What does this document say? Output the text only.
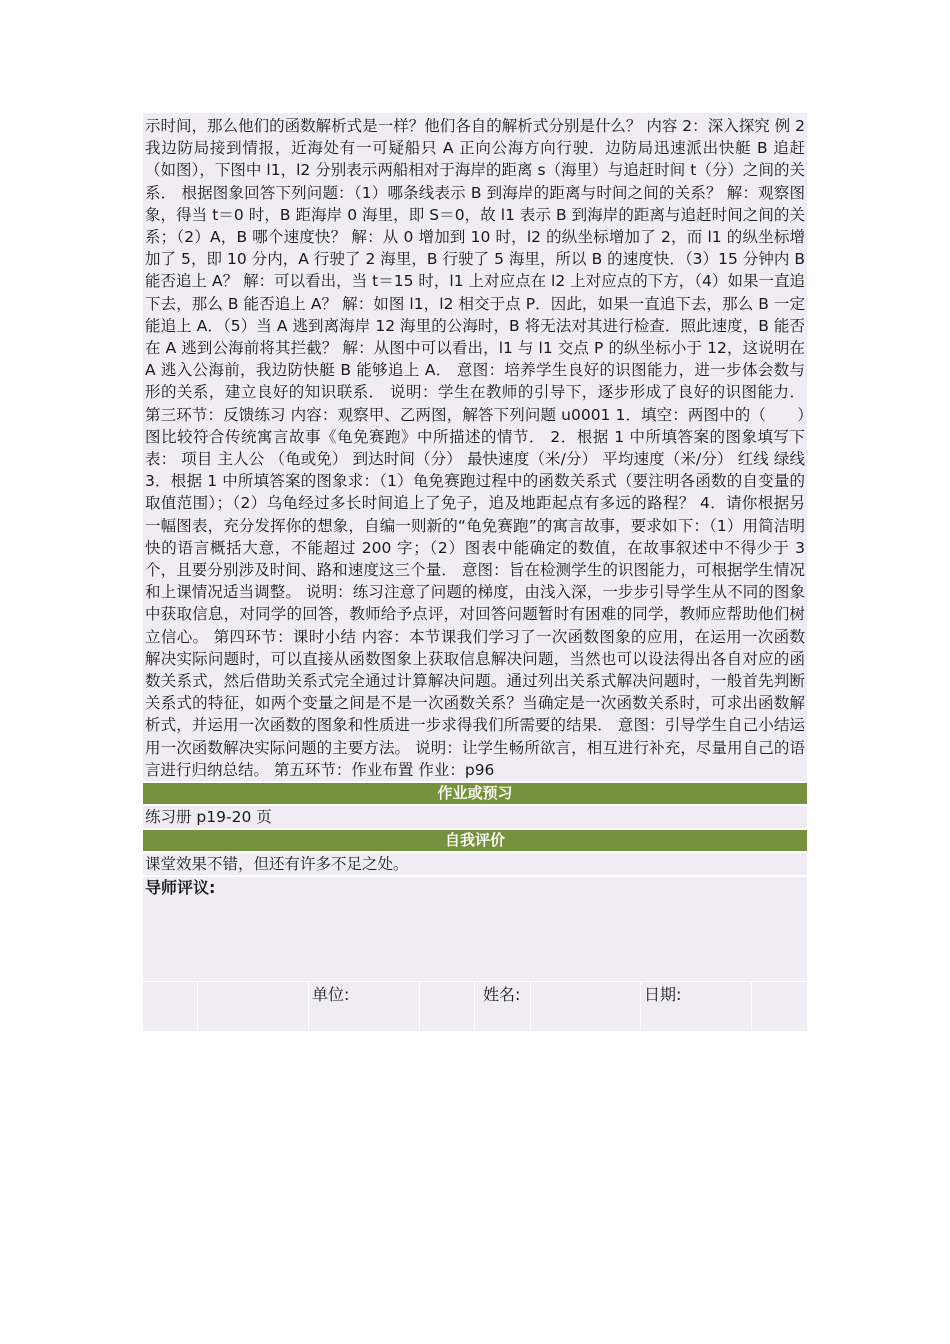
示时间，那么他们的函数解析式是一样？他们各自的解析式分别是什么？ 内容 2：深入探究 例 2 我边防局接到情报，近海处有一可疑船只 A 正向公海方向行驶．边防局迅速派出快艇 B 追赶（如图），下图中 l1，l2 分别表示两船相对于海岸的距离 s（海里）与追赶时间 t（分）之间的关系． 根据图象回答下列问题：（1）哪条线表示 B 到海岸的距离与时间之间的关系？ 解：观察图象，得当 t＝0 时，B 距海岸 0 海里，即 S＝0，故 l1 表示 B 到海岸的距离与追赶时间之间的关系；（2）A，B 哪个速度快？ 解：从 0 增加到 10 时，l2 的纵坐标增加了 2，而 l1 的纵坐标增加了 5，即 10 分内，A 行驶了 2 海里，B 行驶了 5 海里，所以 B 的速度快．（3）15 分钟内 B 能否追上 A？ 解：可以看出，当 t＝15 时，l1 上对应点在 l2 上对应点的下方，（4）如果一直追下去，那么 B 能否追上 A？ 解：如图 l1，l2 相交于点 P．因此，如果一直追下去，那么 B 一定能追上 A．（5）当 A 逃到离海岸 12 海里的公海时，B 将无法对其进行检查．照此速度，B 能否在 A 逃到公海前将其拦截？ 解：从图中可以看出，l1 与 l1 交点 P 的纵坐标小于 12，这说明在 A 逃入公海前，我边防快艇 B 能够追上 A． 意图：培养学生良好的识图能力，进一步体会数与形的关系，建立良好的知识联系． 说明：学生在教师的引导下，逐步形成了良好的识图能力． 第三环节：反馈练习 内容：观察甲、乙两图，解答下列问题 u0001 1．填空：两图中的（　　）图比较符合传统寓言故事《龟免赛跑》中所描述的情节． 2．根据 1 中所填答案的图象填写下表： 项目 主人公 （龟或免） 到达时间（分） 最快速度（米/分） 平均速度（米/分） 红线 绿线 3．根据 1 中所填答案的图象求：（1）龟免赛跑过程中的函数关系式（要注明各函数的自变量的取值范围）；（2）乌龟经过多长时间追上了免子，追及地距起点有多远的路程？ 4．请你根据另一幅图表，充分发挥你的想象，自编一则新的“龟免赛跑”的寓言故事，要求如下：（1）用简洁明快的语言概括大意，不能超过 200 字；（2）图表中能确定的数值，在故事叙述中不得少于 3 个，且要分别涉及时间、路和速度这三个量． 意图：旨在检测学生的识图能力，可根据学生情况和上课情况适当调整。 说明：练习注意了问题的梯度，由浅入深，一步步引导学生从不同的图象中获取信息，对同学的回答，教师给予点评，对回答问题暂时有困难的同学，教师应帮助他们树立信心。 第四环节：课时小结 内容：本节课我们学习了一次函数图象的应用，在运用一次函数解决实际问题时，可以直接从函数图象上获取信息解决问题，当然也可以设法得出各自对应的函数关系式，然后借助关系式完全通过计算解决问题。通过列出关系式解决问题时，一般首先判断关系式的特征，如两个变量之间是不是一次函数关系？当确定是一次函数关系时，可求出函数解析式，并运用一次函数的图象和性质进一步求得我们所需要的结果． 意图：引导学生自己小结运用一次函数解决实际问题的主要方法。 说明：让学生畅所欲言，相互进行补充，尽量用自己的语言进行归纳总结。 第五环节：作业布置 作业：p96

作业或预习
练习册 p19-20 页
自我评价
课堂效果不错，但还有许多不足之处。
导师评议:
单位:	姓名:	日期:
